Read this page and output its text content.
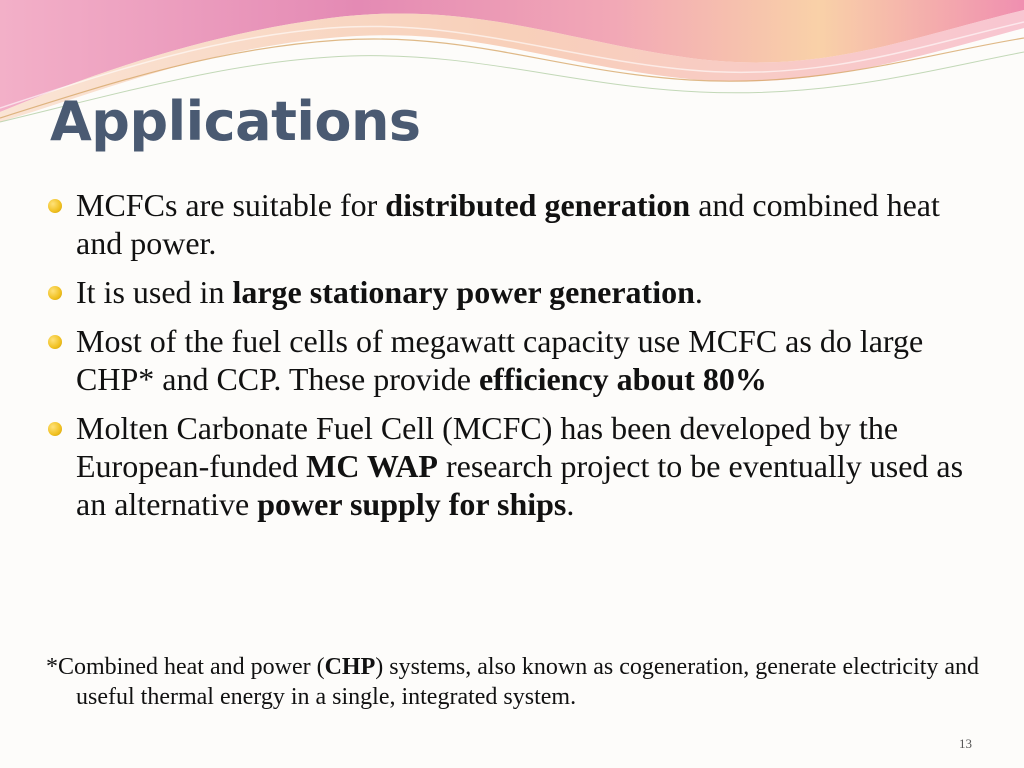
Applications
MCFCs are suitable for distributed generation and combined heat and power.
It is used in large stationary power generation.
Most of the fuel cells of megawatt capacity use MCFC as do large CHP* and CCP. These provide efficiency about 80%
Molten Carbonate Fuel Cell (MCFC) has been developed by the European-funded MC WAP research project to be eventually used as an alternative power supply for ships.

*Combined heat and power (CHP) systems, also known as cogeneration, generate electricity and useful thermal energy in a single, integrated system.

13
